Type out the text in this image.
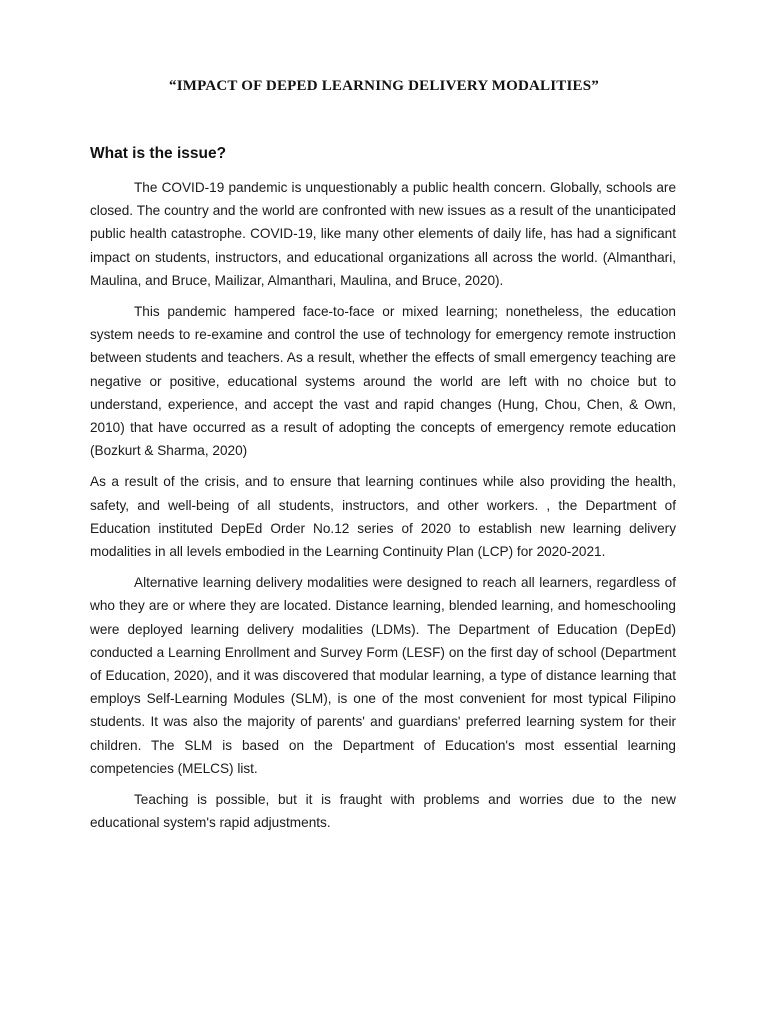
“IMPACT OF DEPED LEARNING DELIVERY MODALITIES”
What is the issue?

The COVID-19 pandemic is unquestionably a public health concern. Globally, schools are closed. The country and the world are confronted with new issues as a result of the unanticipated public health catastrophe. COVID-19, like many other elements of daily life, has had a significant impact on students, instructors, and educational organizations all across the world. (Almanthari, Maulina, and Bruce, Mailizar, Almanthari, Maulina, and Bruce, 2020).

This pandemic hampered face-to-face or mixed learning; nonetheless, the education system needs to re-examine and control the use of technology for emergency remote instruction between students and teachers. As a result, whether the effects of small emergency teaching are negative or positive, educational systems around the world are left with no choice but to understand, experience, and accept the vast and rapid changes (Hung, Chou, Chen, & Own, 2010) that have occurred as a result of adopting the concepts of emergency remote education (Bozkurt & Sharma, 2020)

As a result of the crisis, and to ensure that learning continues while also providing the health, safety, and well-being of all students, instructors, and other workers. , the Department of Education instituted DepEd Order No.12 series of 2020 to establish new learning delivery modalities in all levels embodied in the Learning Continuity Plan (LCP) for 2020-2021.

Alternative learning delivery modalities were designed to reach all learners, regardless of who they are or where they are located. Distance learning, blended learning, and homeschooling were deployed learning delivery modalities (LDMs). The Department of Education (DepEd) conducted a Learning Enrollment and Survey Form (LESF) on the first day of school (Department of Education, 2020), and it was discovered that modular learning, a type of distance learning that employs Self-Learning Modules (SLM), is one of the most convenient for most typical Filipino students. It was also the majority of parents' and guardians' preferred learning system for their children. The SLM is based on the Department of Education's most essential learning competencies (MELCS) list.

Teaching is possible, but it is fraught with problems and worries due to the new educational system's rapid adjustments.
